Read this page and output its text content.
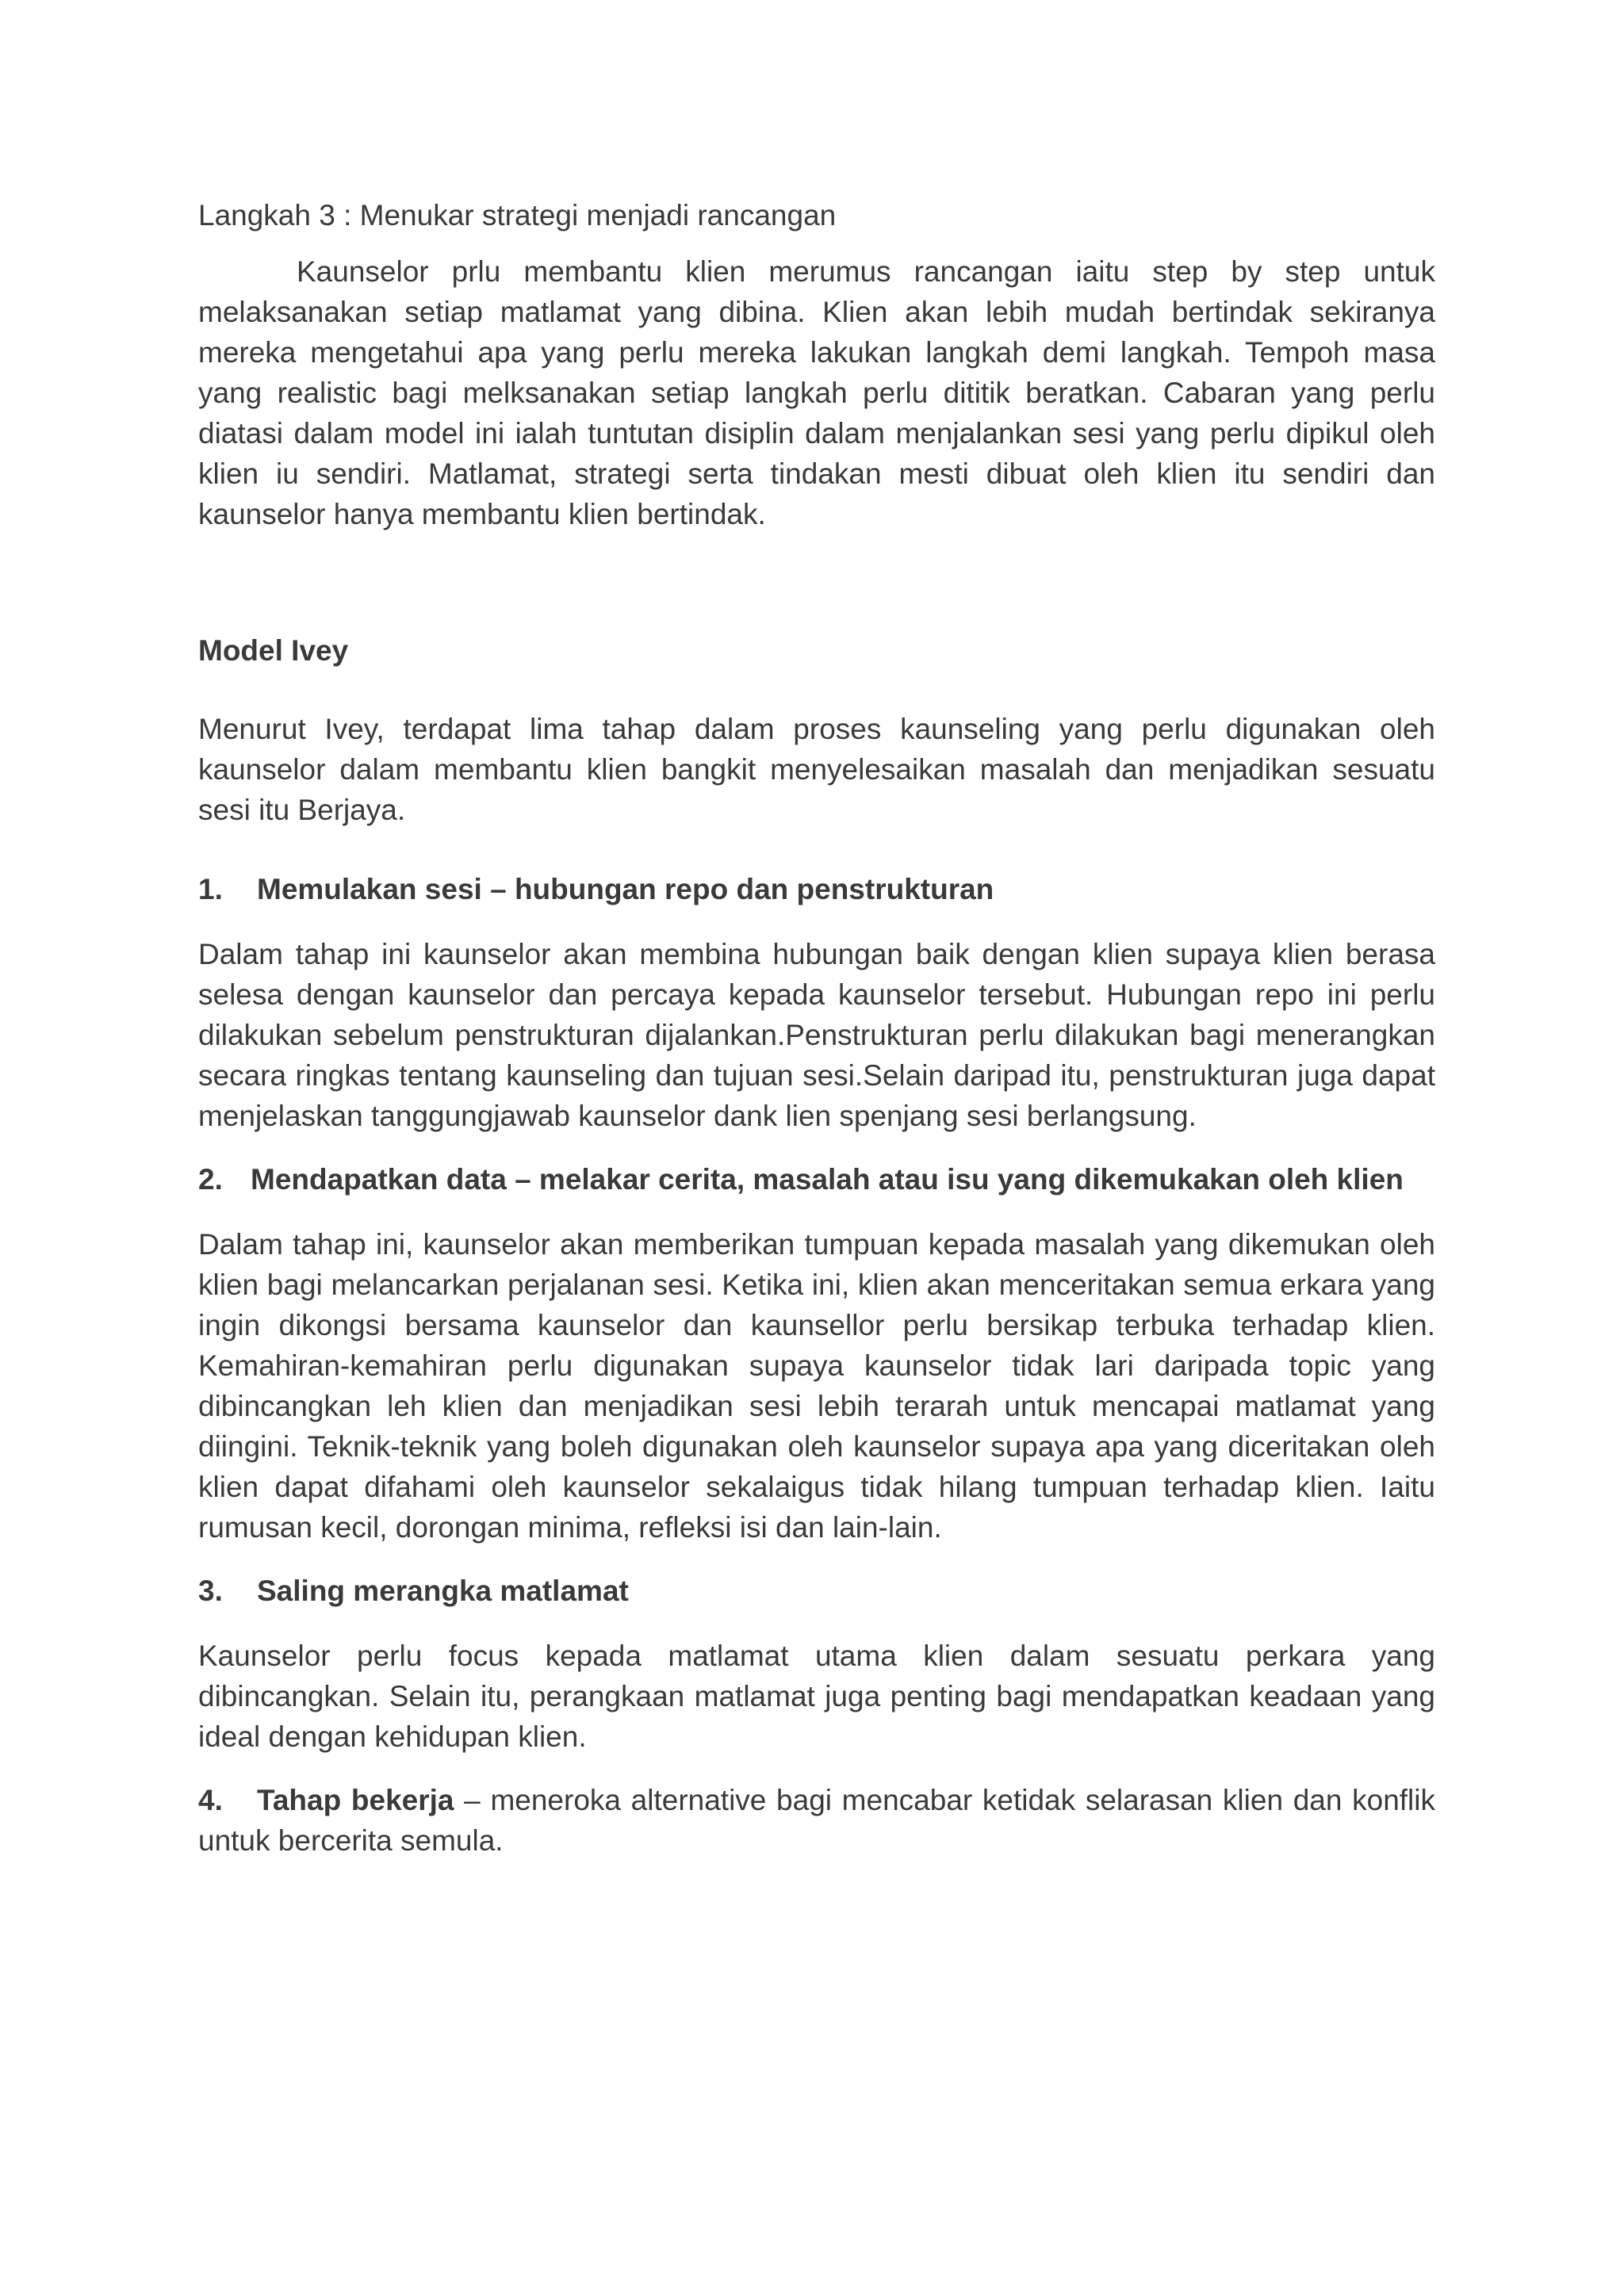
Langkah 3 : Menukar strategi menjadi rancangan

Kaunselor prlu membantu klien merumus rancangan iaitu step by step untuk melaksanakan setiap matlamat yang dibina. Klien akan lebih mudah bertindak sekiranya mereka mengetahui apa yang perlu mereka lakukan langkah demi langkah. Tempoh masa yang realistic bagi melksanakan setiap langkah perlu dititik beratkan. Cabaran yang perlu diatasi dalam model ini ialah tuntutan disiplin dalam menjalankan sesi yang perlu dipikul oleh klien iu sendiri. Matlamat, strategi serta tindakan mesti dibuat oleh klien itu sendiri dan kaunselor hanya membantu klien bertindak.

Model Ivey

Menurut Ivey, terdapat lima tahap dalam proses kaunseling yang perlu digunakan oleh kaunselor dalam membantu klien bangkit menyelesaikan masalah dan menjadikan sesuatu sesi itu Berjaya.

1. Memulakan sesi – hubungan repo dan penstrukturan

Dalam tahap ini kaunselor akan membina hubungan baik dengan klien supaya klien berasa selesa dengan kaunselor dan percaya kepada kaunselor tersebut. Hubungan repo ini perlu dilakukan sebelum penstrukturan dijalankan.Penstrukturan perlu dilakukan bagi menerangkan secara ringkas tentang kaunseling dan tujuan sesi.Selain daripad itu, penstrukturan juga dapat menjelaskan tanggungjawab kaunselor dank lien spenjang sesi berlangsung.

2. Mendapatkan data – melakar cerita, masalah atau isu yang dikemukakan oleh klien

Dalam tahap ini, kaunselor akan memberikan tumpuan kepada masalah yang dikemukan oleh klien bagi melancarkan perjalanan sesi. Ketika ini, klien akan menceritakan semua erkara yang ingin dikongsi bersama kaunselor dan kaunsellor perlu bersikap terbuka terhadap klien. Kemahiran-kemahiran perlu digunakan supaya kaunselor tidak lari daripada topic yang dibincangkan leh klien dan menjadikan sesi lebih terarah untuk mencapai matlamat yang diingini. Teknik-teknik yang boleh digunakan oleh kaunselor supaya apa yang diceritakan oleh klien dapat difahami oleh kaunselor sekalaigus tidak hilang tumpuan terhadap klien. Iaitu rumusan kecil, dorongan minima, refleksi isi dan lain-lain.

3. Saling merangka matlamat

Kaunselor perlu focus kepada matlamat utama klien dalam sesuatu perkara yang dibincangkan. Selain itu, perangkaan matlamat juga penting bagi mendapatkan keadaan yang ideal dengan kehidupan klien.

4. Tahap bekerja – meneroka alternative bagi mencabar ketidak selarasan klien dan konflik untuk bercerita semula.
